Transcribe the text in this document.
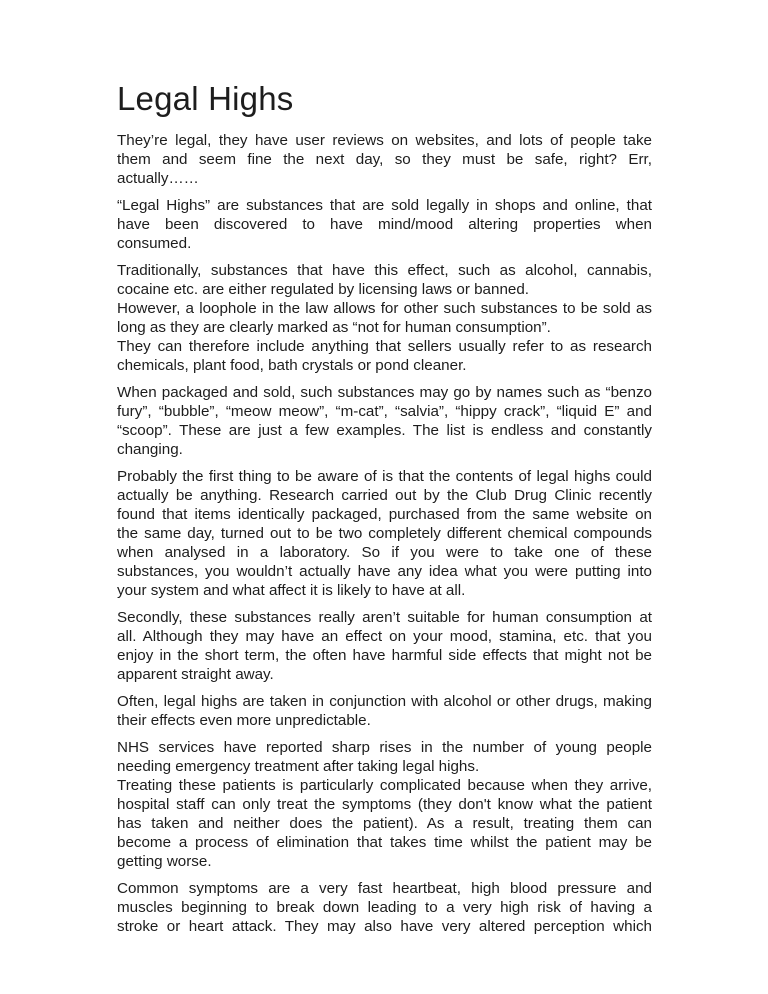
Legal Highs
They’re legal, they have user reviews on websites, and lots of people take
them and seem fine the next day, so they must be safe, right? Err,
actually……
“Legal Highs” are substances that are sold legally in shops and online, that
have been discovered to have mind/mood altering properties when
consumed.
Traditionally, substances that have this effect, such as alcohol, cannabis,
cocaine etc. are either regulated by licensing laws or banned.
However, a loophole in the law allows for other such substances to be sold as
long as they are clearly marked as “not for human consumption”.
They can therefore include anything that sellers usually refer to as research
chemicals, plant food, bath crystals or pond cleaner.
When packaged and sold, such substances may go by names such as “benzo
fury”, “bubble”, “meow meow”, “m-cat”, “salvia”, “hippy crack”, “liquid E” and
“scoop”. These are just a few examples. The list is endless and constantly
changing.
Probably the first thing to be aware of is that the contents of legal highs could
actually be anything. Research carried out by the Club Drug Clinic recently
found that items identically packaged, purchased from the same website on
the same day, turned out to be two completely different chemical compounds
when analysed in a laboratory. So if you were to take one of these
substances, you wouldn’t actually have any idea what you were putting into
your system and what affect it is likely to have at all.
Secondly, these substances really aren’t suitable for human consumption at
all. Although they may have an effect on your mood, stamina, etc. that you
enjoy in the short term, the often have harmful side effects that might not be
apparent straight away.
Often, legal highs are taken in conjunction with alcohol or other drugs, making
their effects even more unpredictable.
NHS services have reported sharp rises in the number of young people
needing emergency treatment after taking legal highs.
Treating these patients is particularly complicated because when they arrive,
hospital staff can only treat the symptoms (they don't know what the patient
has taken and neither does the patient). As a result, treating them can
become a process of elimination that takes time whilst the patient may be
getting worse.
Common symptoms are a very fast heartbeat, high blood pressure and
muscles beginning to break down leading to a very high risk of having a
stroke or heart attack. They may also have very altered perception which
